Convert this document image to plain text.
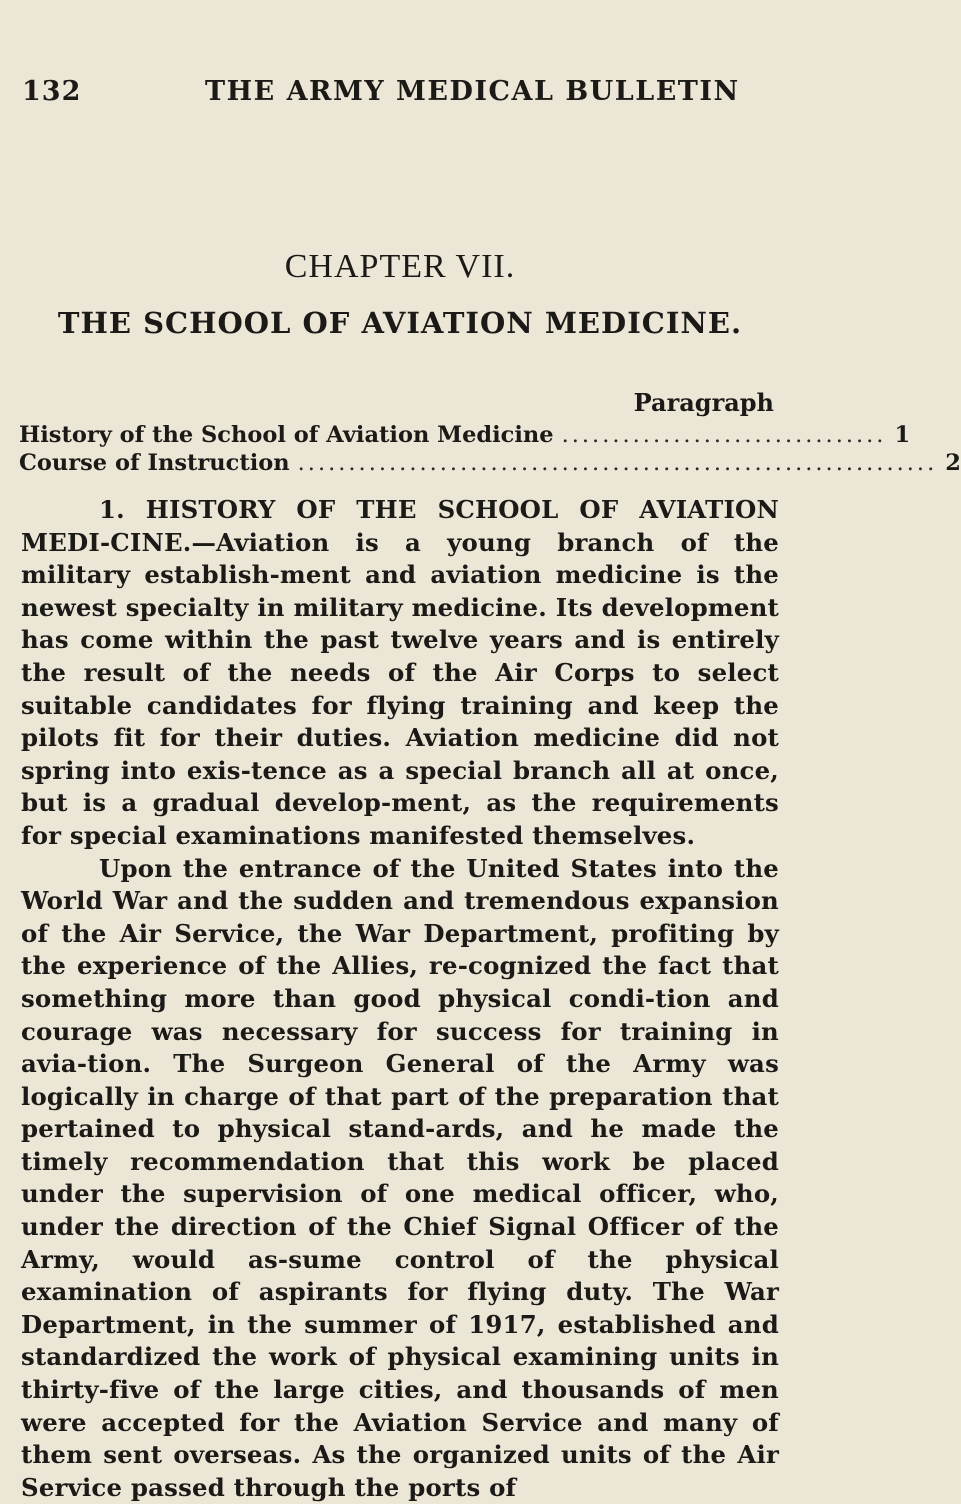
132	THE ARMY MEDICAL BULLETIN
CHAPTER VII.
THE SCHOOL OF AVIATION MEDICINE.
Paragraph
History of the School of Aviation Medicine ................................ 1
Course of Instruction ............................................................... 2

1. HISTORY OF THE SCHOOL OF AVIATION MEDI-CINE.—Aviation is a young branch of the military establish-ment and aviation medicine is the newest specialty in military medicine. Its development has come within the past twelve years and is entirely the result of the needs of the Air Corps to select suitable candidates for flying training and keep the pilots fit for their duties. Aviation medicine did not spring into exis-tence as a special branch all at once, but is a gradual develop-ment, as the requirements for special examinations manifested themselves.

Upon the entrance of the United States into the World War and the sudden and tremendous expansion of the Air Service, the War Department, profiting by the experience of the Allies, re-cognized the fact that something more than good physical condi-tion and courage was necessary for success for training in avia-tion. The Surgeon General of the Army was logically in charge of that part of the preparation that pertained to physical stand-ards, and he made the timely recommendation that this work be placed under the supervision of one medical officer, who, under the direction of the Chief Signal Officer of the Army, would as-sume control of the physical examination of aspirants for flying duty. The War Department, in the summer of 1917, established and standardized the work of physical examining units in thirty-five of the large cities, and thousands of men were accepted for the Aviation Service and many of them sent overseas. As the organized units of the Air Service passed through the ports of
